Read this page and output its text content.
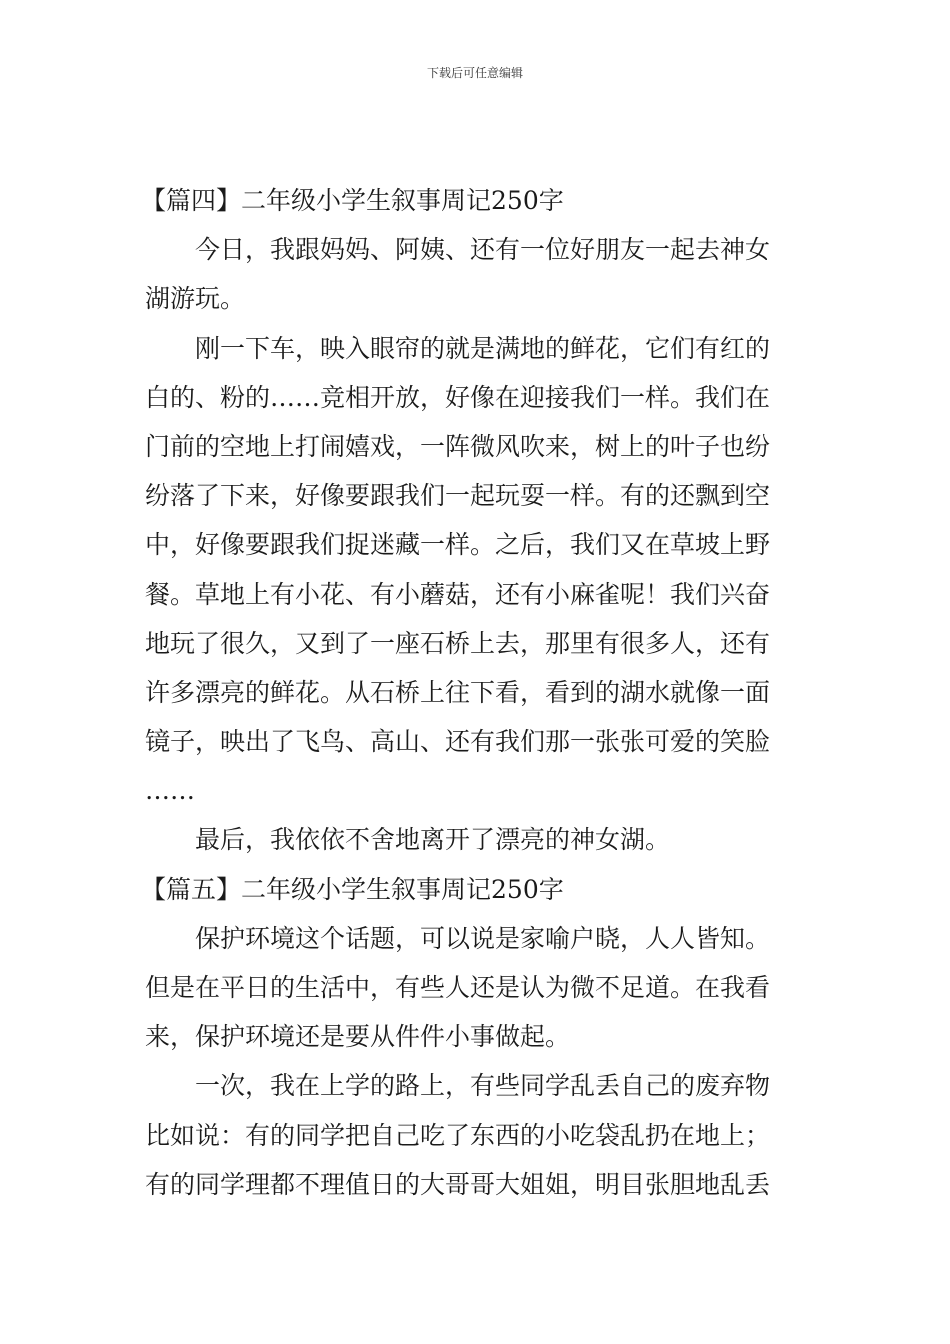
下载后可任意编辑
【篇四】二年级小学生叙事周记250字
今日，我跟妈妈、阿姨、还有一位好朋友一起去神女
湖游玩。
刚一下车，映入眼帘的就是满地的鲜花，它们有红的
白的、粉的……竞相开放，好像在迎接我们一样。我们在
门前的空地上打闹嬉戏，一阵微风吹来，树上的叶子也纷
纷落了下来，好像要跟我们一起玩耍一样。有的还飘到空
中，好像要跟我们捉迷藏一样。之后，我们又在草坡上野
餐。草地上有小花、有小蘑菇，还有小麻雀呢！我们兴奋
地玩了很久，又到了一座石桥上去，那里有很多人，还有
许多漂亮的鲜花。从石桥上往下看，看到的湖水就像一面
镜子，映出了飞鸟、高山、还有我们那一张张可爱的笑脸
……
最后，我依依不舍地离开了漂亮的神女湖。
【篇五】二年级小学生叙事周记250字
保护环境这个话题，可以说是家喻户晓，人人皆知。
但是在平日的生活中，有些人还是认为微不足道。在我看
来，保护环境还是要从件件小事做起。
一次，我在上学的路上，有些同学乱丢自己的废弃物
比如说：有的同学把自己吃了东西的小吃袋乱扔在地上；
有的同学理都不理值日的大哥哥大姐姐，明目张胆地乱丢
